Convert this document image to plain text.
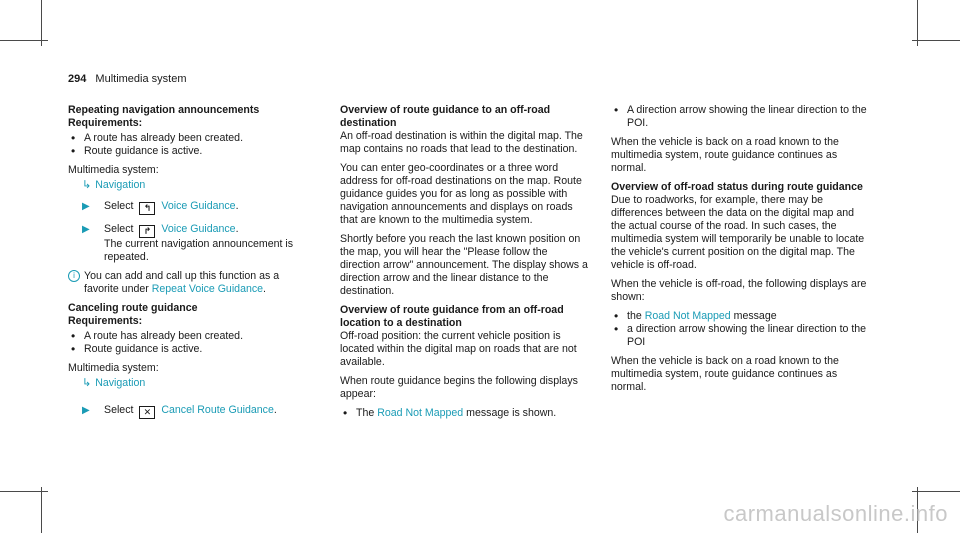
294 Multimedia system

Repeating navigation announcements

Requirements:

• A route has already been created.
• Route guidance is active.

Multimedia system:

↳ Navigation
▶ Select ↰ Voice Guidance.
▶ Select ↱ Voice Guidance.
The current navigation announcement is repeated.
i You can add and call up this function as a favorite under Repeat Voice Guidance.

Canceling route guidance

Requirements:

• A route has already been created.
• Route guidance is active.

Multimedia system:

↳ Navigation
▶ Select ✕ Cancel Route Guidance.

Overview of route guidance to an off-road destination

An off-road destination is within the digital map. The map contains no roads that lead to the destination.

You can enter geo-coordinates or a three word address for off-road destinations on the map. Route guidance guides you for as long as possible with navigation announcements and displays on roads that are known to the multimedia system.

Shortly before you reach the last known position on the map, you will hear the "Please follow the direction arrow" announcement. The display shows a direction arrow and the linear distance to the destination.

Overview of route guidance from an off-road location to a destination

Off-road position: the current vehicle position is located within the digital map on roads that are not available.

When route guidance begins the following displays appear:

• The Road Not Mapped message is shown.
• A direction arrow showing the linear direction to the POI.

When the vehicle is back on a road known to the multimedia system, route guidance continues as normal.

Overview of off-road status during route guidance

Due to roadworks, for example, there may be differences between the data on the digital map and the actual course of the road. In such cases, the multimedia system will temporarily be unable to locate the vehicle's current position on the digital map. The vehicle is off-road.

When the vehicle is off-road, the following displays are shown:

• the Road Not Mapped message
• a direction arrow showing the linear direction to the POI

When the vehicle is back on a road known to the multimedia system, route guidance continues as normal.

carmanualsonline.info
